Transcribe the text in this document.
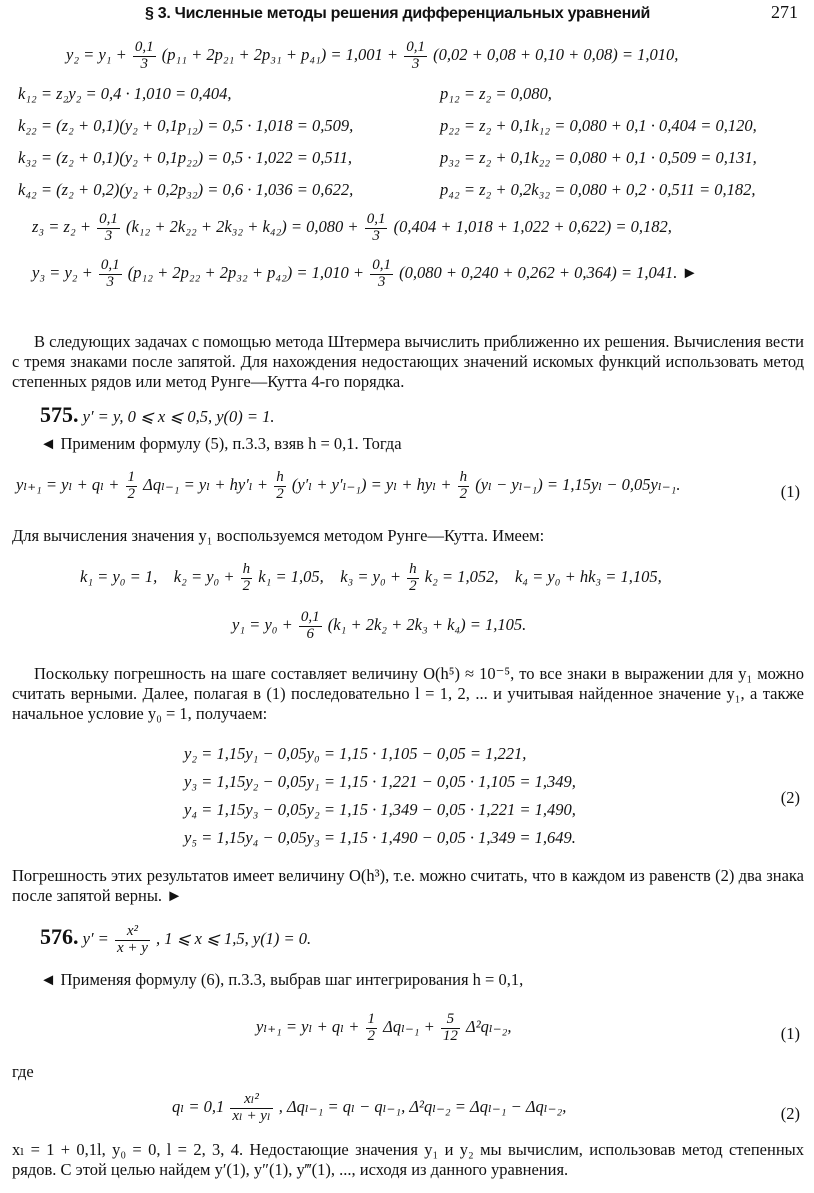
§ 3. Численные методы решения дифференциальных уравнений	271
$y_2 = y_1 + \frac{0,1}{3} (p_{11} + 2p_{21} + 2p_{31} + p_{41}) = 1,001 + \frac{0,1}{3} (0,02 + 0,08 + 0,10 + 0,08) = 1,010$,
k₁₂ = z₂y₂ = 0,4 · 1,010 = 0,404,	p₁₂ = z₂ = 0,080,
k₂₂ = (z₂ + 0,1)(y₂ + 0,1p₁₂) = 0,5 · 1,018 = 0,509,	p₂₂ = z₂ + 0,1k₁₂ = 0,080 + 0,1 · 0,404 = 0,120,
k₃₂ = (z₂ + 0,1)(y₂ + 0,1p₂₂) = 0,5 · 1,022 = 0,511,	p₃₂ = z₂ + 0,1k₂₂ = 0,080 + 0,1 · 0,509 = 0,131,
k₄₂ = (z₂ + 0,2)(y₂ + 0,2p₃₂) = 0,6 · 1,036 = 0,622,	p₄₂ = z₂ + 0,2k₃₂ = 0,080 + 0,2 · 0,511 = 0,182,
$z_3 = z_2 + \frac{0,1}{3} (k_{12} + 2k_{22} + 2k_{32} + k_{42}) = 0,080 + \frac{0,1}{3} (0,404 + 1,018 + 1,022 + 0,622) = 0,182$,
$y_3 = y_2 + \frac{0,1}{3} (p_{12} + 2p_{22} + 2p_{32} + p_{42}) = 1,010 + \frac{0,1}{3} (0,080 + 0,240 + 0,262 + 0,364) = 1,041$. ►
В следующих задачах с помощью метода Штермера вычислить приближенно их решения. Вычисления вести с тремя знаками после запятой. Для нахождения недостающих значений искомых функций использовать метод степенных рядов или метод Рунге—Кутта 4-го порядка.
575. y′ = y, 0 ⩽ x ⩽ 0,5, y(0) = 1.
◄ Применим формулу (5), п.3.3, взяв h = 0,1. Тогда
$y_{l+1} = y_l + q_l + \frac{1}{2} \Delta q_{l-1} = y_l + hy'_l + \frac{h}{2} (y'_l + y'_{l-1}) = y_l + hy_l + \frac{h}{2} (y_l - y_{l-1}) = 1,15y_l - 0,05y_{l-1}$.	(1)
Для вычисления значения y₁ воспользуемся методом Рунге—Кутта. Имеем:
k₁ = y₀ = 1, $k_2 = y_0 + \frac{h}{2} k_1 = 1,05$, $k_3 = y_0 + \frac{h}{2} k_2 = 1,052$, k₄ = y₀ + hk₃ = 1,105,
$y_1 = y_0 + \frac{0,1}{6} (k_1 + 2k_2 + 2k_3 + k_4) = 1,105$.
Поскольку погрешность на шаге составляет величину O(h⁵) ≈ 10⁻⁵, то все знаки в выражении для y₁ можно считать верными. Далее, полагая в (1) последовательно l = 1, 2, ... и учитывая найденное значение y₁, а также начальное условие y₀ = 1, получаем:
y₂ = 1,15y₁ − 0,05y₀ = 1,15 · 1,105 − 0,05 = 1,221,
y₃ = 1,15y₂ − 0,05y₁ = 1,15 · 1,221 − 0,05 · 1,105 = 1,349,
y₄ = 1,15y₃ − 0,05y₂ = 1,15 · 1,349 − 0,05 · 1,221 = 1,490,
y₅ = 1,15y₄ − 0,05y₃ = 1,15 · 1,490 − 0,05 · 1,349 = 1,649.
(2)
Погрешность этих результатов имеет величину O(h³), т.е. можно считать, что в каждом из равенств (2) два знака после запятой верны. ►
576. $y' = \frac{\text{x²}}{x + y}$ , 1 ⩽ x ⩽ 1,5, y(1) = 0.
◄ Применяя формулу (6), п.3.3, выбрав шаг интегрирования h = 0,1,
$y_{l+1} = y_l + q_l + \frac{1}{2} \Delta q_{l-1} + \frac{5}{12} \Delta^2q_{l-2}$,	(1)
где
$q_l = 0,1 \frac{\text{xₗ²}}{\text{xₗ + yₗ}}$ , Δqₗ₋₁ = qₗ − qₗ₋₁, Δ²qₗ₋₂ = Δqₗ₋₁ − Δqₗ₋₂,	(2)
xₗ = 1 + 0,1l, y₀ = 0, l = 2, 3, 4. Недостающие значения y₁ и y₂ мы вычислим, использовав метод степенных рядов. С этой целью найдем y′(1), y″(1), y‴(1), ..., исходя из данного уравнения.
